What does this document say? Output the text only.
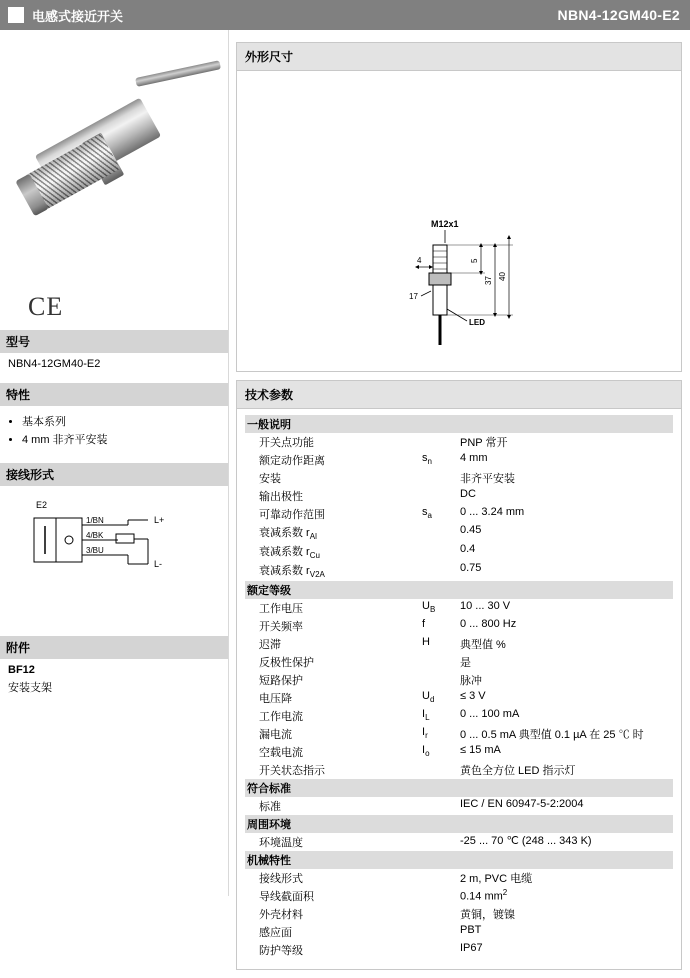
电感式接近开关	NBN4-12GM40-E2
CE
型号

NBN4-12GM40-E2

特性
• 基本系列
• 4 mm 非齐平安装
接线形式
E2
1/BN
4/BK
3/BU
L+
L-
附件

BF12

安装支架

外形尺寸
M12x1
LED
4
17
5
37 40
技术参数
一般说明		
开关点功能		PNP 常开
额定动作距离	$s_n$	4 mm
安装		非齐平安装
输出极性		DC
可靠动作范围	$s_a$	0 ... 3.24 mm
衰减系数 $r_{Al}$		0.45
衰减系数 $r_{Cu}$		0.4
衰减系数 $r_{V2A}$		0.75
额定等级		
工作电压	$U_B$	10 ... 30 V
开关频率	f	0 ... 800 Hz
迟滞	H	典型值 %
反极性保护		是
短路保护		脉冲
电压降	$U_d$	≤ 3 V
工作电流	$I_L$	0 ... 100 mA
漏电流	$I_r$	0 ... 0.5 mA 典型值 0.1 µA 在 25 ℃ 时
空载电流	$I_o$	≤ 15 mA
开关状态指示		黄色全方位 LED 指示灯
符合标准		
标准		IEC / EN 60947-5-2:2004
周围环境		
环境温度		-25 ... 70 ℃ (248 ... 343 K)
机械特性		
接线形式		2 m, PVC 电缆
导线截面积		0.14 $mm^2$
外壳材料		黄铜，镀镍
感应面		PBT
防护等级		IP67
